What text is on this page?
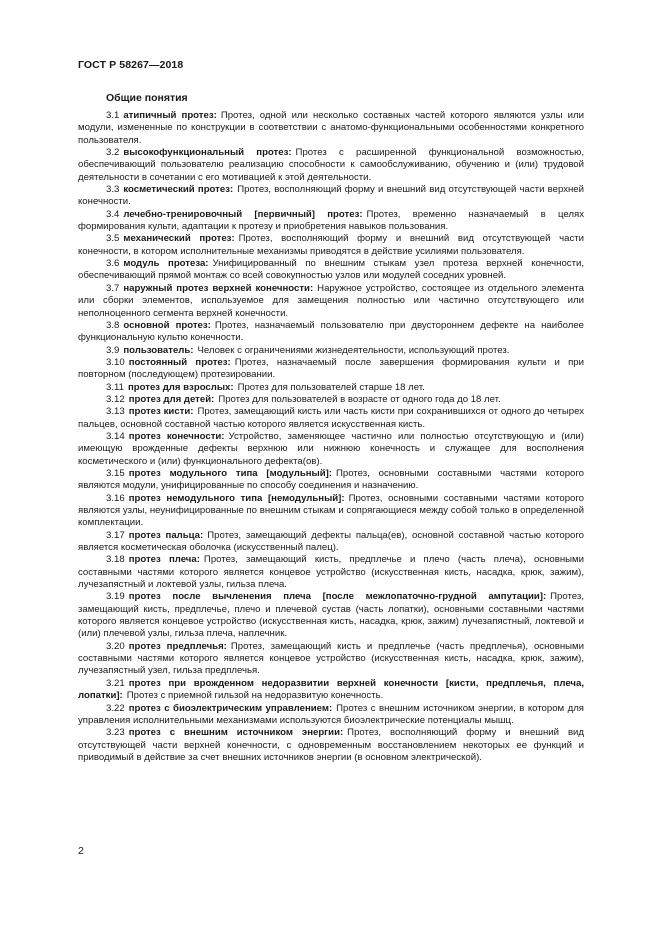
ГОСТ Р 58267—2018
Общие понятия

3.1 атипичный протез: Протез, одной или несколько составных частей которого являются узлы или модули, измененные по конструкции в соответствии с анатомо-функциональными особенностями конкретного пользователя.

3.2 высокофункциональный протез: Протез с расширенной функциональной возможностью, обеспечивающий пользователю реализацию способности к самообслуживанию, обучению и (или) трудовой деятельности в сочетании с его мотивацией к этой деятельности.

3.3 косметический протез: Протез, восполняющий форму и внешний вид отсутствующей части верхней конечности.

3.4 лечебно-тренировочный [первичный] протез: Протез, временно назначаемый в целях формирования культи, адаптации к протезу и приобретения навыков пользования.

3.5 механический протез: Протез, восполняющий форму и внешний вид отсутствующей части конечности, в котором исполнительные механизмы приводятся в действие усилиями пользователя.

3.6 модуль протеза: Унифицированный по внешним стыкам узел протеза верхней конечности, обеспечивающий прямой монтаж со всей совокупностью узлов или модулей соседних уровней.

3.7 наружный протез верхней конечности: Наружное устройство, состоящее из отдельного элемента или сборки элементов, используемое для замещения полностью или частично отсутствующего или неполноценного сегмента верхней конечности.

3.8 основной протез: Протез, назначаемый пользователю при двустороннем дефекте на наиболее функциональную культю конечности.

3.9 пользователь: Человек с ограничениями жизнедеятельности, использующий протез.

3.10 постоянный протез: Протез, назначаемый после завершения формирования культи и при повторном (последующем) протезировании.

3.11 протез для взрослых: Протез для пользователей старше 18 лет.

3.12 протез для детей: Протез для пользователей в возрасте от одного года до 18 лет.

3.13 протез кисти: Протез, замещающий кисть или часть кисти при сохранившихся от одного до четырех пальцев, основной составной частью которого является искусственная кисть.

3.14 протез конечности: Устройство, заменяющее частично или полностью отсутствующую и (или) имеющую врожденные дефекты верхнюю или нижнюю конечность и служащее для восполнения косметического и (или) функционального дефекта(ов).

3.15 протез модульного типа [модульный]: Протез, основными составными частями которого являются модули, унифицированные по способу соединения и назначению.

3.16 протез немодульного типа [немодульный]: Протез, основными составными частями которого являются узлы, неунифицированные по внешним стыкам и сопрягающиеся между собой только в определенной комплектации.

3.17 протез пальца: Протез, замещающий дефекты пальца(ев), основной составной частью которого является косметическая оболочка (искусственный палец).

3.18 протез плеча: Протез, замещающий кисть, предплечье и плечо (часть плеча), основными составными частями которого является концевое устройство (искусственная кисть, насадка, крюк, зажим), лучезапястный и локтевой узлы, гильза плеча.

3.19 протез после вычленения плеча [после межлопаточно-грудной ампутации]: Протез, замещающий кисть, предплечье, плечо и плечевой сустав (часть лопатки), основными составными частями которого является концевое устройство (искусственная кисть, насадка, крюк, зажим) лучезапястный, локтевой и (или) плечевой узлы, гильза плеча, наплечник.

3.20 протез предплечья: Протез, замещающий кисть и предплечье (часть предплечья), основными составными частями которого является концевое устройство (искусственная кисть, насадка, крюк, зажим), лучезапястный узел, гильза предплечья.

3.21 протез при врожденном недоразвитии верхней конечности [кисти, предплечья, плеча, лопатки]: Протез с приемной гильзой на недоразвитую конечность.

3.22 протез с биоэлектрическим управлением: Протез с внешним источником энергии, в котором для управления исполнительными механизмами используются биоэлектрические потенциалы мышц.

3.23 протез с внешним источником энергии: Протез, восполняющий форму и внешний вид отсутствующей части верхней конечности, с одновременным восстановлением некоторых ее функций и приводимый в действие за счет внешних источников энергии (в основном электрической).

2
